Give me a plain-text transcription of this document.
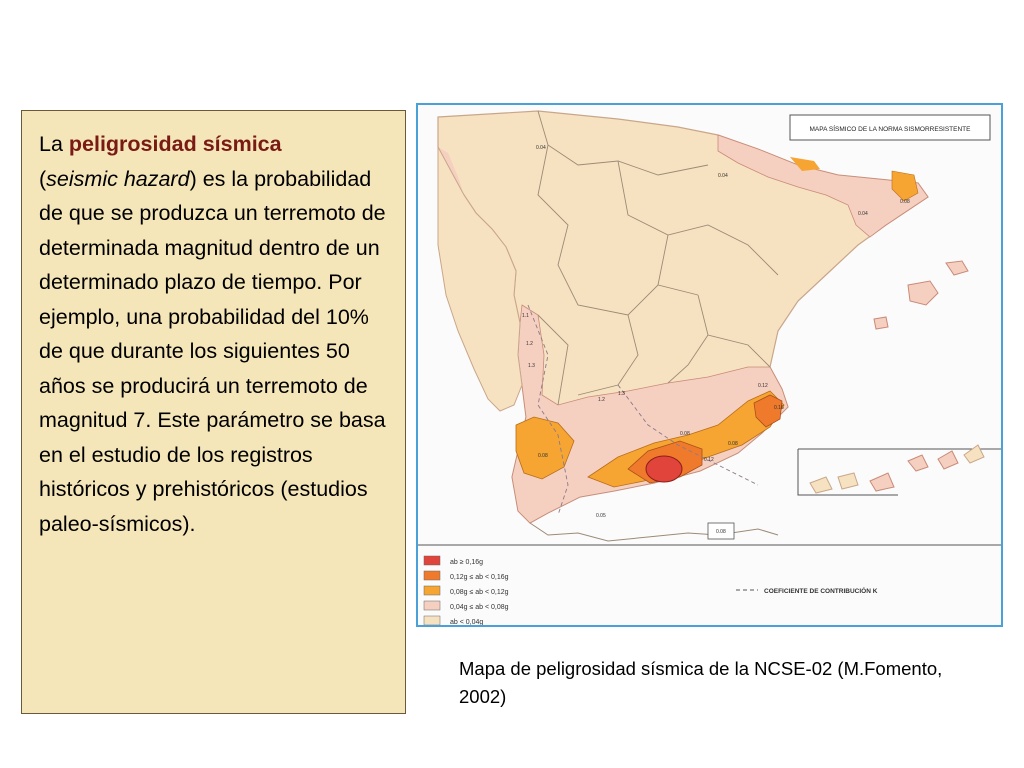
La peligrosidad sísmica
(seismic hazard) es la probabilidad de que se produzca un terremoto de determinada magnitud dentro de un determinado plazo de tiempo. Por ejemplo, una probabilidad del 10% de que durante los siguientes 50 años se producirá un terremoto de magnitud 7. Este parámetro se basa en el estudio de los registros históricos y prehistóricos (estudios paleo-sísmicos).
MAPA SÍSMICO DE LA NORMA SISMORRESISTENTE
0.04
0.08
0.12
0.16
0.08
0.04
0.04
0.08
0.12
0.08
0.05
0.08
1.1
1.2
1.3
1.2
1.3
ab ≥ 0,16g
0,12g ≤ ab < 0,16g
0,08g ≤ ab < 0,12g
0,04g ≤ ab < 0,08g
ab < 0,04g
COEFICIENTE DE CONTRIBUCIÓN K
Mapa de peligrosidad sísmica de la NCSE-02 (M.Fomento, 2002)
